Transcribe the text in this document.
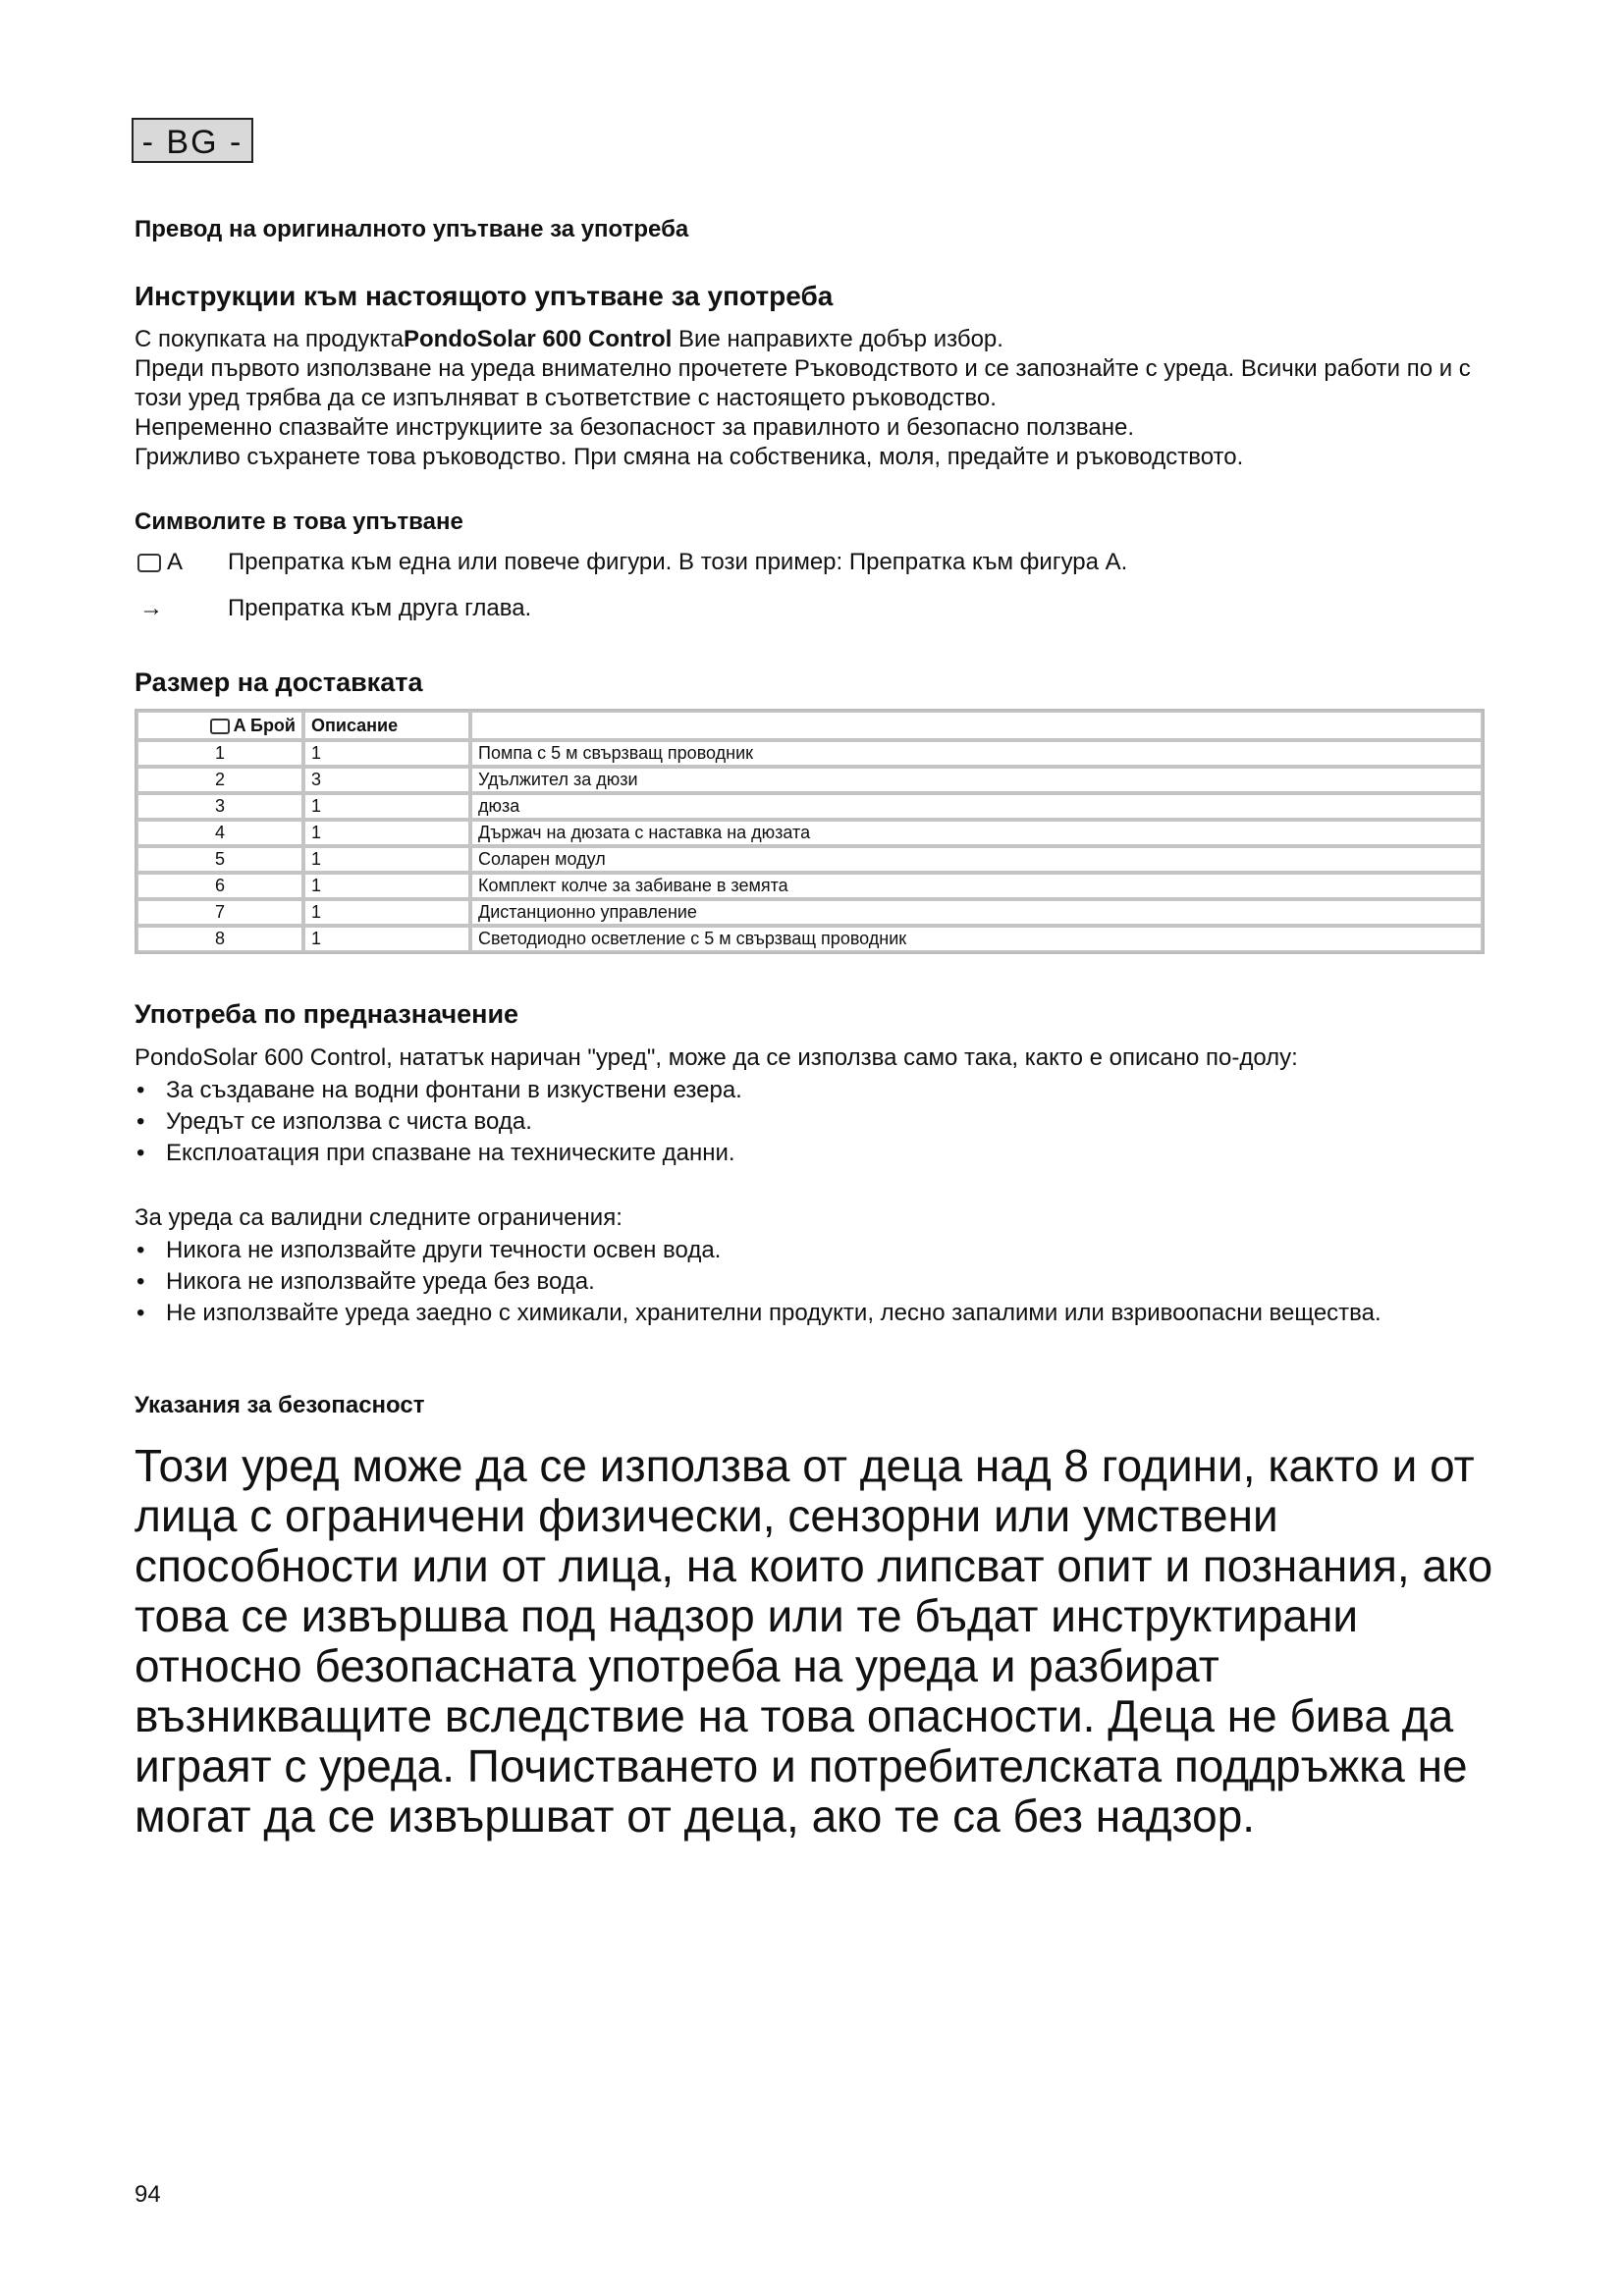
- BG -
Превод на оригиналното упътване за употреба
Инструкции към настоящото упътване за употреба
С покупката на продуктаPondoSolar 600 Control Вие направихте добър избор.
Преди първото използване на уреда внимателно прочетете Ръководството и се запознайте с уреда. Всички работи по и с този уред трябва да се изпълняват в съответствие с настоящето ръководство.
Непременно спазвайте инструкциите за безопасност за правилното и безопасно ползване.
Грижливо съхранете това ръководство. При смяна на собственика, моля, предайте и ръководството.
Символите в това упътване
A Препратка към една или повече фигури. В този пример: Препратка към фигура А.
→	Препратка към друга глава.
Размер на доставката
A Брой	Описание	
1	1	Помпа с 5 м свързващ проводник
2	3	Удължител за дюзи
3	1	дюза
4	1	Държач на дюзата с наставка на дюзата
5	1	Соларен модул
6	1	Комплект колче за забиване в земята
7	1	Дистанционно управление
8	1	Светодиодно осветление с 5 м свързващ проводник
Употреба по предназначение
PondoSolar 600 Control, нататък наричан "уред", може да се използва само така, както е описано по-долу:
• За създаване на водни фонтани в изкуствени езера.
• Уредът се използва с чиста вода.
• Експлоатация при спазване на техническите данни.
За уреда са валидни следните ограничения:
• Никога не използвайте други течности освен вода.
• Никога не използвайте уреда без вода.
• Не използвайте уреда заедно с химикали, хранителни продукти, лесно запалими или взривоопасни вещества.
Указания за безопасност
Този уред може да се използва от деца над 8 години, както и от лица с ограничени физически, сензорни или умствени способности или от лица, на които липсват опит и познания, ако това се извършва под надзор или те бъдат инструктирани относно безопасната употреба на уреда и разбират възникващите вследствие на това опасности. Деца не бива да играят с уреда. Почистването и потребителската поддръжка не могат да се извършват от деца, ако те са без надзор.
94
